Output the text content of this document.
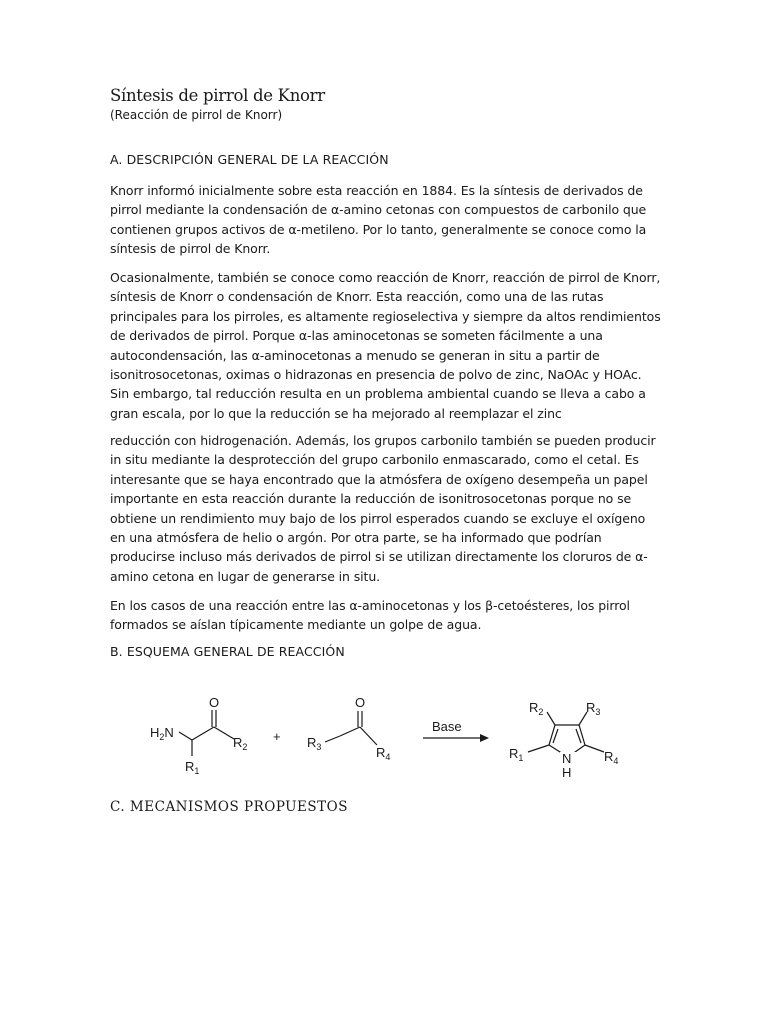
Síntesis de pirrol de Knorr
(Reacción de pirrol de Knorr)
A. DESCRIPCIÓN GENERAL DE LA REACCIÓN
Knorr informó inicialmente sobre esta reacción en 1884. Es la síntesis de derivados de pirrol mediante la condensación de α-amino cetonas con compuestos de carbonilo que contienen grupos activos de α-metileno. Por lo tanto, generalmente se conoce como la síntesis de pirrol de Knorr.
Ocasionalmente, también se conoce como reacción de Knorr, reacción de pirrol de Knorr, síntesis de Knorr o condensación de Knorr. Esta reacción, como una de las rutas principales para los pirroles, es altamente regioselectiva y siempre da altos rendimientos de derivados de pirrol. Porque α-las aminocetonas se someten fácilmente a una autocondensación, las α-aminocetonas a menudo se generan in situ a partir de isonitrosocetonas, oximas o hidrazonas en presencia de polvo de zinc, NaOAc y HOAc. Sin embargo, tal reducción resulta en un problema ambiental cuando se lleva a cabo a gran escala, por lo que la reducción se ha mejorado al reemplazar el zinc
reducción con hidrogenación. Además, los grupos carbonilo también se pueden producir in situ mediante la desprotección del grupo carbonilo enmascarado, como el cetal. Es interesante que se haya encontrado que la atmósfera de oxígeno desempeña un papel importante en esta reacción durante la reducción de isonitrosocetonas porque no se obtiene un rendimiento muy bajo de los pirrol esperados cuando se excluye el oxígeno en una atmósfera de helio o argón. Por otra parte, se ha informado que podrían producirse incluso más derivados de pirrol si se utilizan directamente los cloruros de α-amino cetona en lugar de generarse in situ.
En los casos de una reacción entre las α-aminocetonas y los β-cetoésteres, los pirrol formados se aíslan típicamente mediante un golpe de agua.
B. ESQUEMA GENERAL DE REACCIÓN
$H_2N$
O
$R_2$
$R_1$
+ $R_3$
O
$R_4$
Base
N
H
$R_2$	$R_3$
$R_1$	$R_4$
C. MECANISMOS PROPUESTOS
